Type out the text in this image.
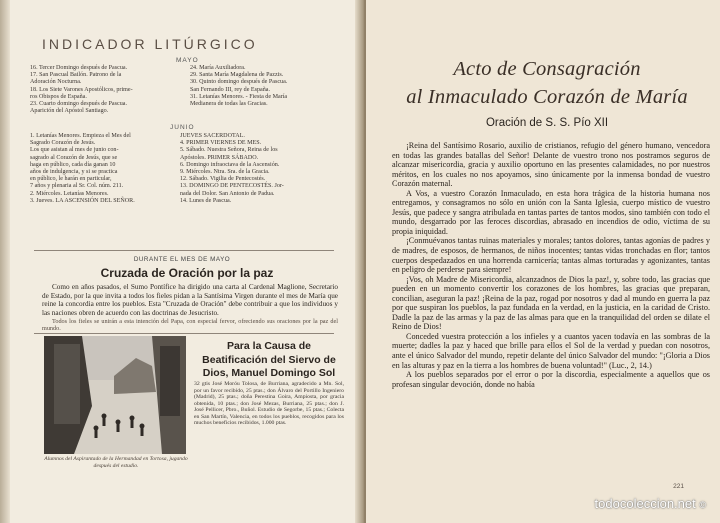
INDICADOR LITÚRGICO
MAYO
16. Tercer Domingo después de Pascua.
17. San Pascual Bailón. Patrono de la
Adoración Nocturna.
18. Los Siete Varones Apostólicos, prime-
ros Obispos de España.
23. Cuarto domingo después de Pascua.
Aparición del Apóstol Santiago.
24. María Auxiliadora.
29. Santa María Magdalena de Pazzis.
30. Quinto domingo después de Pascua.
San Fernando III, rey de España.
31. Letanías Menores. - Fiesta de María
Medianera de todas las Gracias.
JUNIO
1. Letanías Menores. Empieza el Mes del
Sagrado Corazón de Jesús.
Los que asistan al mes de junio con-
sagrado al Corazón de Jesús, que se
haga en público, cada día ganan 10
años de indulgencia, y si se practica
en público, le harán en particular,
7 años y plenaria al Sr. Col. núm. 211.
2. Miércoles. Letanías Menores.
3. Jueves. LA ASCENSIÓN DEL SEÑOR.
JUEVES SACERDOTAL.
4. PRIMER VIERNES DE MES.
5. Sábado. Nuestra Señora, Reina de los
Apóstoles. PRIMER SÁBADO.
6. Domingo infraoctava de la Ascensión.
9. Miércoles. Ntra. Sra. de la Gracia.
12. Sábado. Vigilia de Pentecostés.
13. DOMINGO DE PENTECOSTÉS. Jor-
nada del Dolor. San Antonio de Padua.
14. Lunes de Pascua.
DURANTE EL MES DE MAYO
Cruzada de Oración por la paz
Como en años pasados, el Sumo Pontífice ha dirigido una carta al Cardenal Maglione, Secretario de Estado, por la que invita a todos los fieles pidan a la Santísima Virgen durante el mes de María que reine la concordia entre los pueblos. Esta "Cruzada de Oración" debe contribuir a que los individuos y las naciones obren de acuerdo con las doctrinas de Jesucristo.
Todos los fieles se unirán a esta intención del Papa, con especial fervor, ofreciendo sus oraciones por la paz del mundo.
Alumnos del Aspirantado de la Hermandad en Tortosa, jugando después del estudio.
Para la Causa de Beatificación del Siervo de Dios, Manuel Domingo Sol
32 gtis José Moróu Tolosa, de Burriana, agradecido a Mn. Sol, por un favor recibido, 25 ptas.; don Álvaro del Portillo Ingeniero (Madrid), 25 ptas.; doña Perestina Goira, Ampiosta, por gracia obtenida, 10 ptas.; don José Mezas, Burriana, 25 ptas.; don J. José Pellicer, Pbro., Buñol. Estudio de Segorbe, 15 ptas.; Colecta en San Martín, Valencia, en todos los pueblos, recogidos para los muchos beneficios recibidos, 1.000 ptas.
Acto de Consagración
al Inmaculado Corazón de María
Oración de S. S. Pío XII

¡Reina del Santísimo Rosario, auxilio de cristianos, refugio del género humano, vencedora en todas las grandes batallas del Señor! Delante de vuestro trono nos postramos seguros de alcanzar misericordia, gracia y auxilio oportuno en las presentes calamidades, no por nuestros méritos, en los cuales no nos apoyamos, sino únicamente por la inmensa bondad de vuestro Corazón maternal.

A Vos, a vuestro Corazón Inmaculado, en esta hora trágica de la historia humana nos entregamos, y consagramos no sólo en unión con la Santa Iglesia, cuerpo místico de vuestro Jesús, que padece y sangra atribulada en tantas partes de tantos modos, sino también con todo el mundo, desgarrado por las feroces discordias, abrasado en incendios de odio, víctima de su propia iniquidad.

¡Conmuévanos tantas ruinas materiales y morales; tantos dolores, tantas agonías de padres y de madres, de esposos, de hermanos, de niños inocentes; tantas vidas tronchadas en flor; tantos cuerpos despedazados en una horrenda carnicería; tantas almas torturadas y agonizantes, tantas en peligro de perderse para siempre!

¡Vos, oh Madre de Misericordia, alcanzadnos de Dios la paz!, y, sobre todo, las gracias que pueden en un momento convertir los corazones de los hombres, las gracias que preparan, concilian, aseguran la paz! ¡Reina de la paz, rogad por nosotros y dad al mundo en guerra la paz por que suspiran los pueblos, la paz fundada en la verdad, en la justicia, en la caridad de Cristo. Dadle la paz de las armas y la paz de las almas para que en la tranquilidad del orden se dilate el Reino de Dios!

Conceded vuestra protección a los infieles y a cuantos yacen todavía en las sombras de la muerte; dadles la paz y haced que brille para ellos el Sol de la verdad y puedan con nosotros, ante el único Salvador del mundo, repetir delante del único Salvador del mundo: "¡Gloria a Dios en las alturas y paz en la tierra a los hombres de buena voluntad!" (Luc., 2, 14.)

A los pueblos separados por el error o por la discordia, especialmente a aquellos que os profesan singular devoción, donde no había

221
todocoleccion.net ©
